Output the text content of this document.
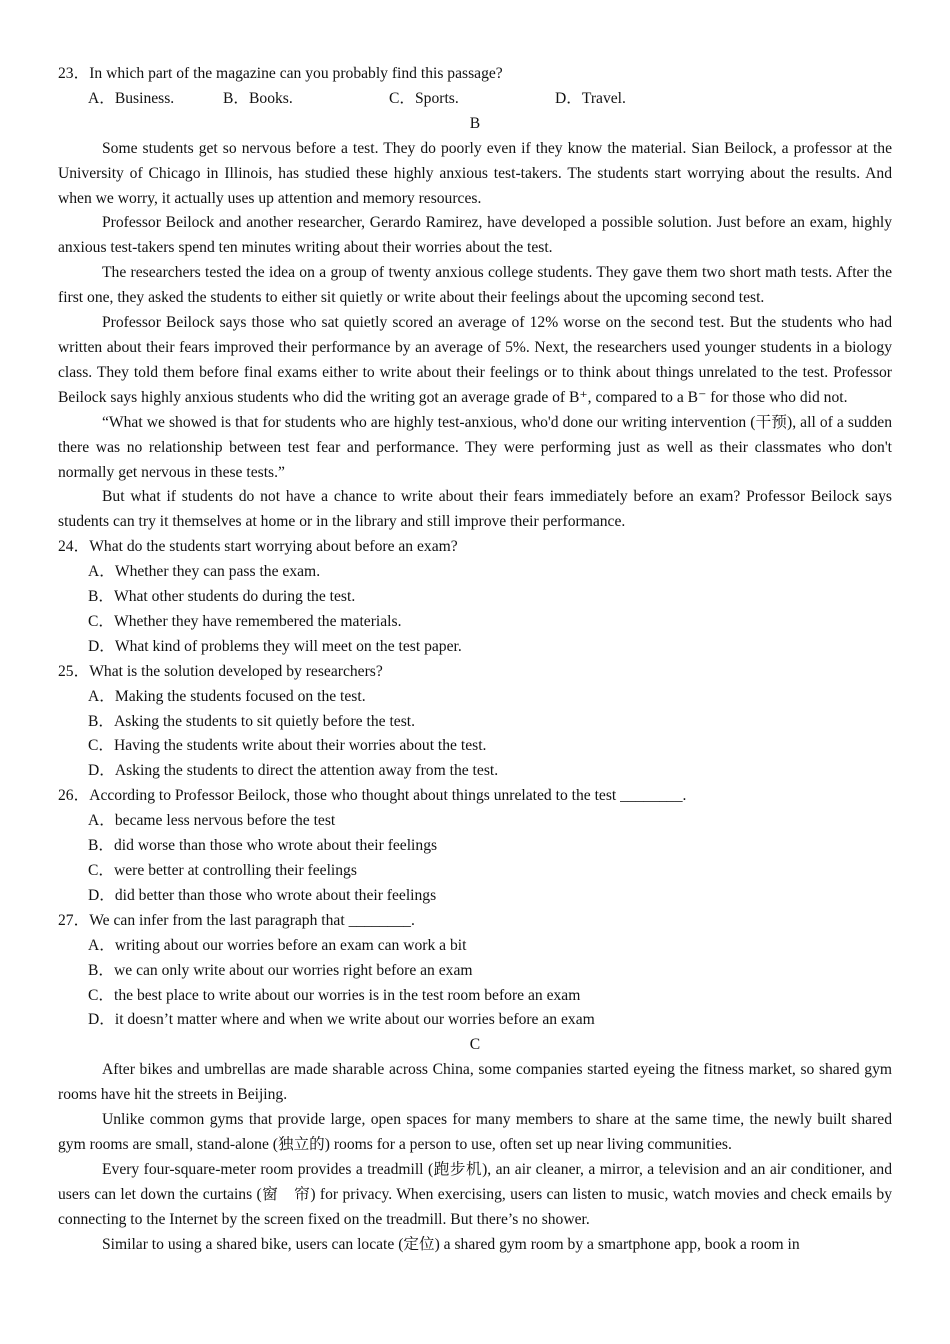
23．In which part of the magazine can you probably find this passage?
A．Business.	B．Books.	C．Sports.	D．Travel.
B

Some students get so nervous before a test. They do poorly even if they know the material. Sian Beilock, a professor at the University of Chicago in Illinois, has studied these highly anxious test-takers. The students start worrying about the results. And when we worry, it actually uses up attention and memory resources.

Professor Beilock and another researcher, Gerardo Ramirez, have developed a possible solution. Just before an exam, highly anxious test-takers spend ten minutes writing about their worries about the test.

The researchers tested the idea on a group of twenty anxious college students. They gave them two short math tests. After the first one, they asked the students to either sit quietly or write about their feelings about the upcoming second test.

Professor Beilock says those who sat quietly scored an average of 12% worse on the second test. But the students who had written about their fears improved their performance by an average of 5%. Next, the researchers used younger students in a biology class. They told them before final exams either to write about their feelings or to think about things unrelated to the test. Professor Beilock says highly anxious students who did the writing got an average grade of B⁺, compared to a B⁻ for those who did not.

“What we showed is that for students who are highly test-anxious, who'd done our writing intervention (干预), all of a sudden there was no relationship between test fear and performance. They were performing just as well as their classmates who don't normally get nervous in these tests.”

But what if students do not have a chance to write about their fears immediately before an exam? Professor Beilock says students can try it themselves at home or in the library and still improve their performance.

24．What do the students start worrying about before an exam?
A．Whether they can pass the exam.
B．What other students do during the test.
C．Whether they have remembered the materials.
D．What kind of problems they will meet on the test paper.
25．What is the solution developed by researchers?
A．Making the students focused on the test.
B．Asking the students to sit quietly before the test.
C．Having the students write about their worries about the test.
D．Asking the students to direct the attention away from the test.
26．According to Professor Beilock, those who thought about things unrelated to the test ________.
A．became less nervous before the test
B．did worse than those who wrote about their feelings
C．were better at controlling their feelings
D．did better than those who wrote about their feelings
27．We can infer from the last paragraph that ________.
A．writing about our worries before an exam can work a bit
B．we can only write about our worries right before an exam
C．the best place to write about our worries is in the test room before an exam
D．it doesn’t matter where and when we write about our worries before an exam
C

After bikes and umbrellas are made sharable across China, some companies started eyeing the fitness market, so shared gym rooms have hit the streets in Beijing.

Unlike common gyms that provide large, open spaces for many members to share at the same time, the newly built shared gym rooms are small, stand-alone (独立的) rooms for a person to use, often set up near living communities.

Every four-square-meter room provides a treadmill (跑步机), an air cleaner, a mirror, a television and an air conditioner, and users can let down the curtains (窗　帘) for privacy. When exercising, users can listen to music, watch movies and check emails by connecting to the Internet by the screen fixed on the treadmill. But there’s no shower.

Similar to using a shared bike, users can locate (定位) a shared gym room by a smartphone app, book a room in
